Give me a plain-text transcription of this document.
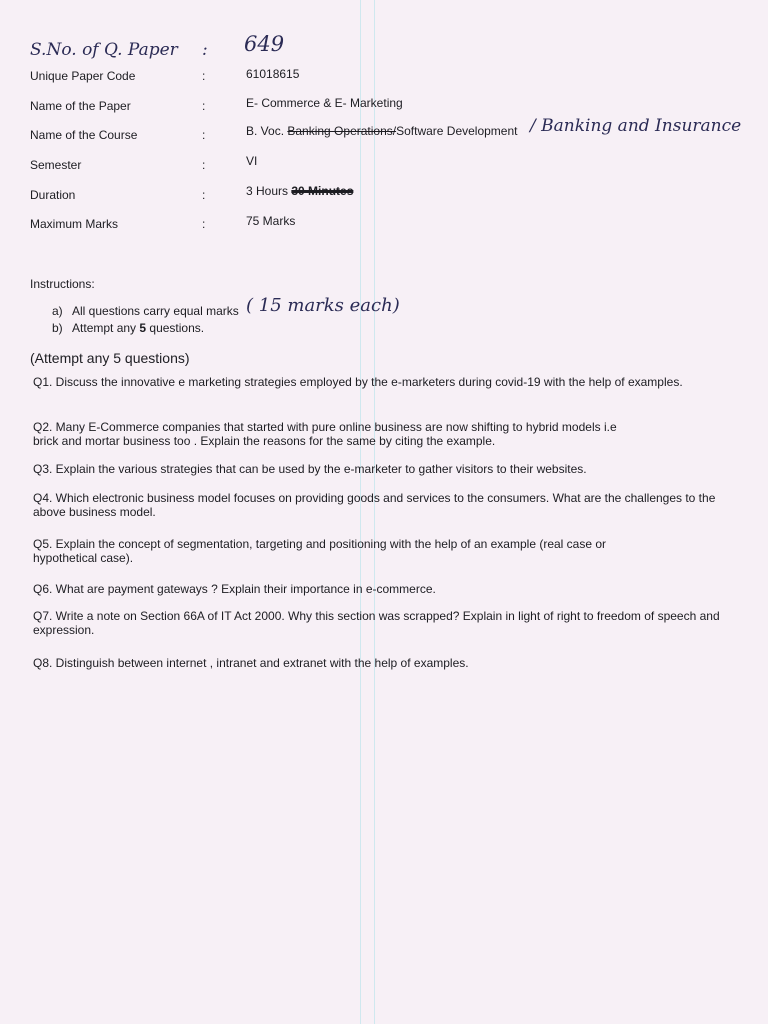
S.No. of Q. Paper : 649
Unique Paper Code	:	61018615
Name of the Paper	:	E- Commerce & E- Marketing
Name of the Course	:	B. Voc. Banking Operations/Software Development / Banking and Insurance
Semester	:	VI
Duration	:	3 Hours 30 Minutes
Maximum Marks	:	75 Marks
Instructions:
a) All questions carry equal marks ( 15 marks each)
b) Attempt any 5 questions.
(Attempt any 5 questions)
Q1. Discuss the innovative e marketing strategies employed by the e-marketers during covid-19 with the help of examples.
Q2. Many E-Commerce companies that started with pure online business are now shifting to hybrid models i.e brick and mortar business too . Explain the reasons for the same by citing the example.
Q3. Explain the various strategies that can be used by the e-marketer to gather visitors to their websites.
Q4. Which electronic business model focuses on providing goods and services to the consumers. What are the challenges to the above business model.
Q5. Explain the concept of segmentation, targeting and positioning with the help of an example (real case or hypothetical case).
Q6. What are payment gateways ? Explain their importance in e-commerce.
Q7. Write a note on Section 66A of IT Act 2000. Why this section was scrapped? Explain in light of right to freedom of speech and expression.
Q8. Distinguish between internet , intranet and extranet with the help of examples.
